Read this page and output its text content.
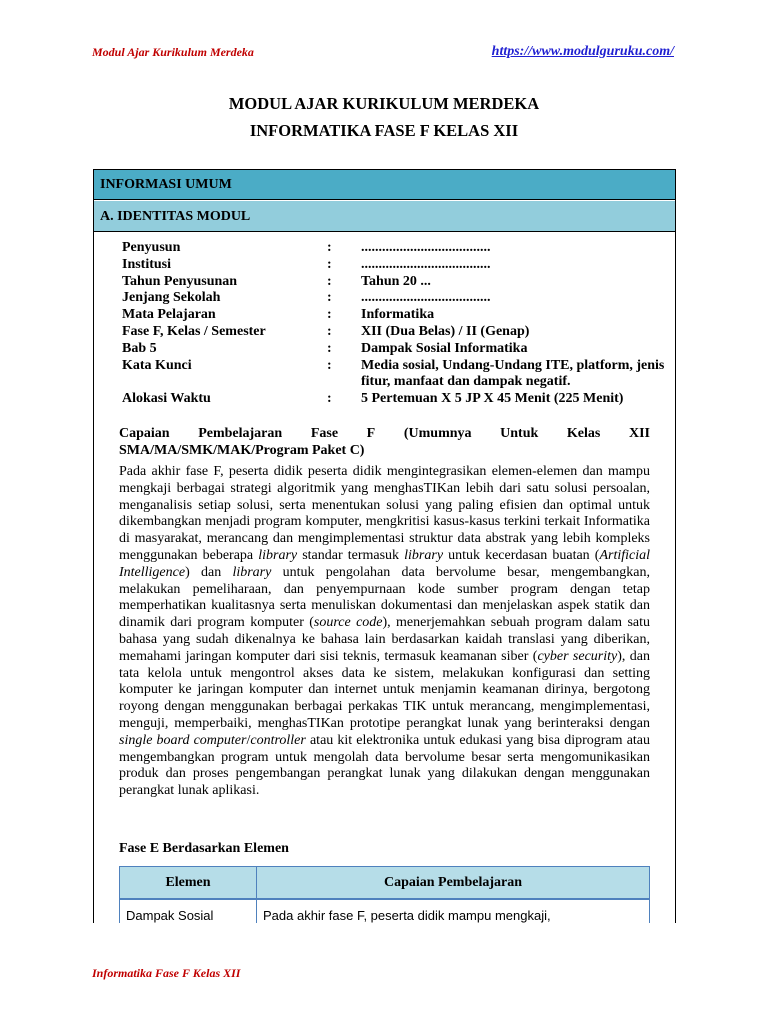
Modul Ajar Kurikulum Merdeka	https://www.modulguruku.com/
MODUL AJAR KURIKULUM MERDEKA
INFORMATIKA FASE F KELAS XII
INFORMASI UMUM
A. IDENTITAS MODUL
Penyusun	: .....................................
Institusi	: .....................................
Tahun Penyusunan	: Tahun 20 ...
Jenjang Sekolah	: .....................................
Mata Pelajaran	: Informatika
Fase F, Kelas / Semester	: XII (Dua Belas) / II (Genap)
Bab 5	: Dampak Sosial Informatika
Kata Kunci	: Media sosial, Undang-Undang ITE, platform, jenis fitur, manfaat dan dampak negatif.
Alokasi Waktu	: 5 Pertemuan X 5 JP X 45 Menit (225 Menit)
Capaian Pembelajaran Fase F (Umumnya Untuk Kelas XII
SMA/MA/SMK/MAK/Program Paket C)
Pada akhir fase F, peserta didik peserta didik mengintegrasikan elemen-elemen dan mampu mengkaji berbagai strategi algoritmik yang menghasTIKan lebih dari satu solusi persoalan, menganalisis setiap solusi, serta menentukan solusi yang paling efisien dan optimal untuk dikembangkan menjadi program komputer, mengkritisi kasus-kasus terkini terkait Informatika di masyarakat, merancang dan mengimplementasi struktur data abstrak yang lebih kompleks menggunakan beberapa library standar termasuk library untuk kecerdasan buatan (Artificial Intelligence) dan library untuk pengolahan data bervolume besar, mengembangkan, melakukan pemeliharaan, dan penyempurnaan kode sumber program dengan tetap memperhatikan kualitasnya serta menuliskan dokumentasi dan menjelaskan aspek statik dan dinamik dari program komputer (source code), menerjemahkan sebuah program dalam satu bahasa yang sudah dikenalnya ke bahasa lain berdasarkan kaidah translasi yang diberikan, memahami jaringan komputer dari sisi teknis, termasuk keamanan siber (cyber security), dan tata kelola untuk mengontrol akses data ke sistem, melakukan konfigurasi dan setting komputer ke jaringan komputer dan internet untuk menjamin keamanan dirinya, bergotong royong dengan menggunakan berbagai perkakas TIK untuk merancang, mengimplementasi, menguji, memperbaiki, menghasTIKan prototipe perangkat lunak yang berinteraksi dengan single board computer/controller atau kit elektronika untuk edukasi yang bisa diprogram atau mengembangkan program untuk mengolah data bervolume besar serta mengomunikasikan produk dan proses pengembangan perangkat lunak yang dilakukan dengan menggunakan perangkat lunak aplikasi.
Fase E Berdasarkan Elemen
Elemen	Capaian Pembelajaran
Dampak Sosial	Pada akhir fase F, peserta didik mampu mengkaji,
Informatika Fase F Kelas XII
